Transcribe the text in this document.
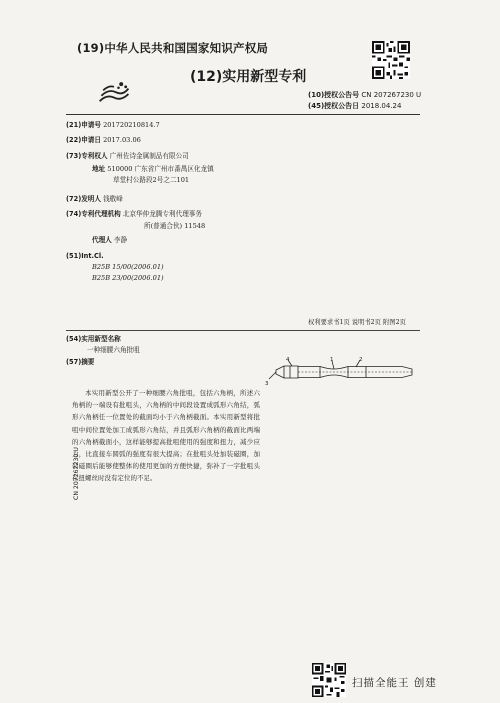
(19)中华人民共和国国家知识产权局
(12)实用新型专利
(10)授权公告号 CN 207267230 U
(45)授权公告日 2018.04.24
(21)申请号 201720210814.7
(22)申请日 2017.03.06
(73)专利权人 广州佐诗金属制品有限公司
地址 510000 广东省广州市番禺区化龙镇
草堂村公路段2号之二101
(72)发明人 钱敬峰
(74)专利代理机构 北京华仲龙腾专利代理事务
所(普通合伙) 11548
代理人 李静
(51)Int.Cl.
B25B 15/00(2006.01)
B25B 23/00(2006.01)
权利要求书1页 说明书2页 附图2页
(54)实用新型名称
一种细腰六角批咀
(57)摘要
本实用新型公开了一种细腰六角批咀，包括六角柄，所述六角柄的一端设有批咀头，六角柄的中间段设置成弧形六角结，弧形六角柄任一位置处的截面均小于六角柄截面。本实用新型将批咀中间位置处加工成弧形六角结，并且弧形六角柄的截面比两端的六角柄截面小，这样能够提高批咀使用的强度和扭力，减少应力，比直接车圆弧的强度有很大提高；在批咀头处加装磁圈，加装磁圈后能够使整体的使用更加的方便快捷，弥补了一字批咀头在扭螺丝时没有定位的不足。
4	1	2
3
CN 207267230 U
扫描全能王 创建
